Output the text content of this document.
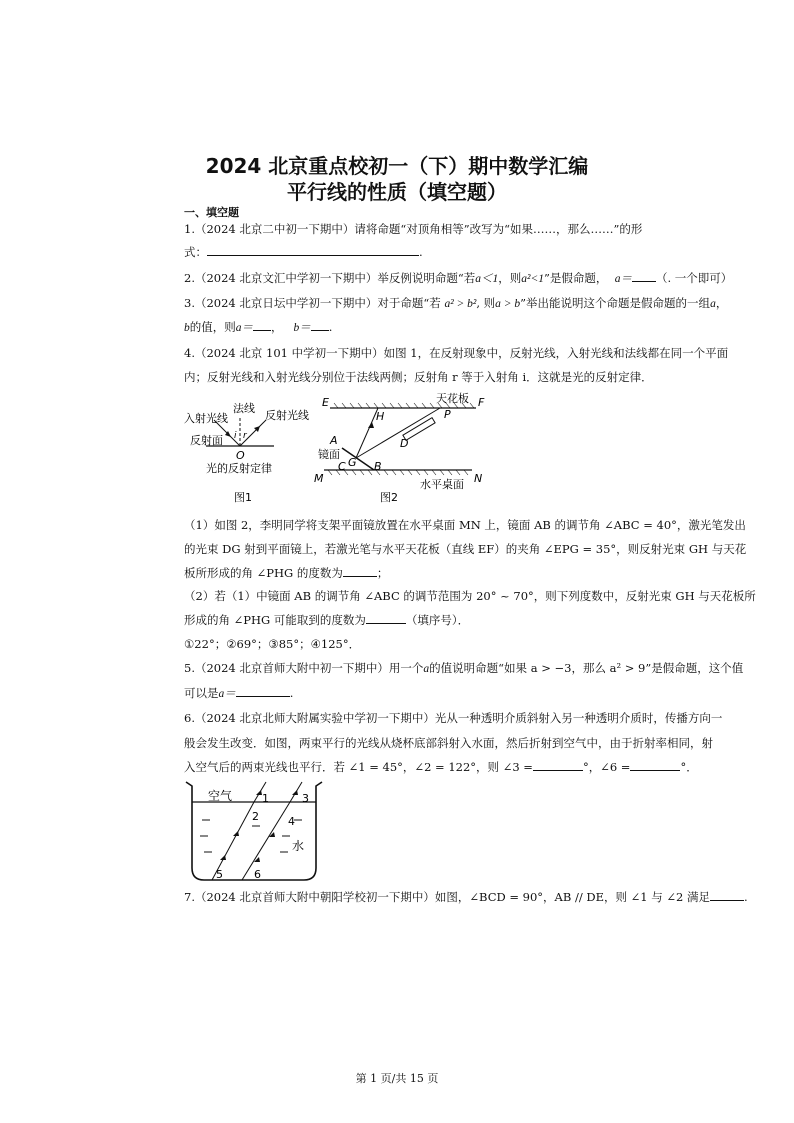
2024 北京重点校初一（下）期中数学汇编
平行线的性质（填空题）
一、填空题
1.（2024 北京二中初一下期中）请将命题“对顶角相等”改写为“如果……，那么……”的形
式：	.
2.（2024 北京文汇中学初一下期中）举反例说明命题“若a＜1，则a²<1”是假命题， a＝ （. 一个即可）
3.（2024 北京日坛中学初一下期中）对于命题“若 a² > b², 则a > b”举出能说明这个命题是假命题的一组a，
b的值，则a＝ ， b＝ .
4.（2024 北京 101 中学初一下期中）如图 1，在反射现象中，反射光线，入射光线和法线都在同一个平面
内；反射光线和入射光线分别位于法线两侧；反射角 r 等于入射角 i．这就是光的反射定律．
入射光线
法线
反射光线
反射面 i r
O
光的反射定律
图1
E	F
天花板
H	P
D
A
镜面
C G B
M	N
水平桌面
图2
（1）如图 2，李明同学将支架平面镜放置在水平桌面 MN 上，镜面 AB 的调节角 ∠ABC = 40°，激光笔发出
的光束 DG 射到平面镜上，若激光笔与水平天花板（直线 EF）的夹角 ∠EPG = 35°，则反射光束 GH 与天花
板所形成的角 ∠PHG 的度数为	；
（2）若（1）中镜面 AB 的调节角 ∠ABC 的调节范围为 20° ~ 70°，则下列度数中，反射光束 GH 与天花板所
形成的角 ∠PHG 可能取到的度数为	（填序号）．
①22°；②69°；③85°；④125°．
5.（2024 北京首师大附中初一下期中）用一个a的值说明命题“如果 a > −3，那么 a² > 9”是假命题，这个值
可以是a＝	.
6.（2024 北京北师大附属实验中学初一下期中）光从一种透明介质斜射入另一种透明介质时，传播方向一
般会发生改变．如图，两束平行的光线从烧杯底部斜射入水面，然后折射到空气中，由于折射率相同，射
入空气后的两束光线也平行．若 ∠1 = 45°，∠2 = 122°，则 ∠3 =	°，∠6 =	°．
空气
水
1
2
3
4
5	6
7.（2024 北京首师大附中朝阳学校初一下期中）如图，∠BCD = 90°，AB // DE，则 ∠1 与 ∠2 满足	.
第 1 页/共 15 页
